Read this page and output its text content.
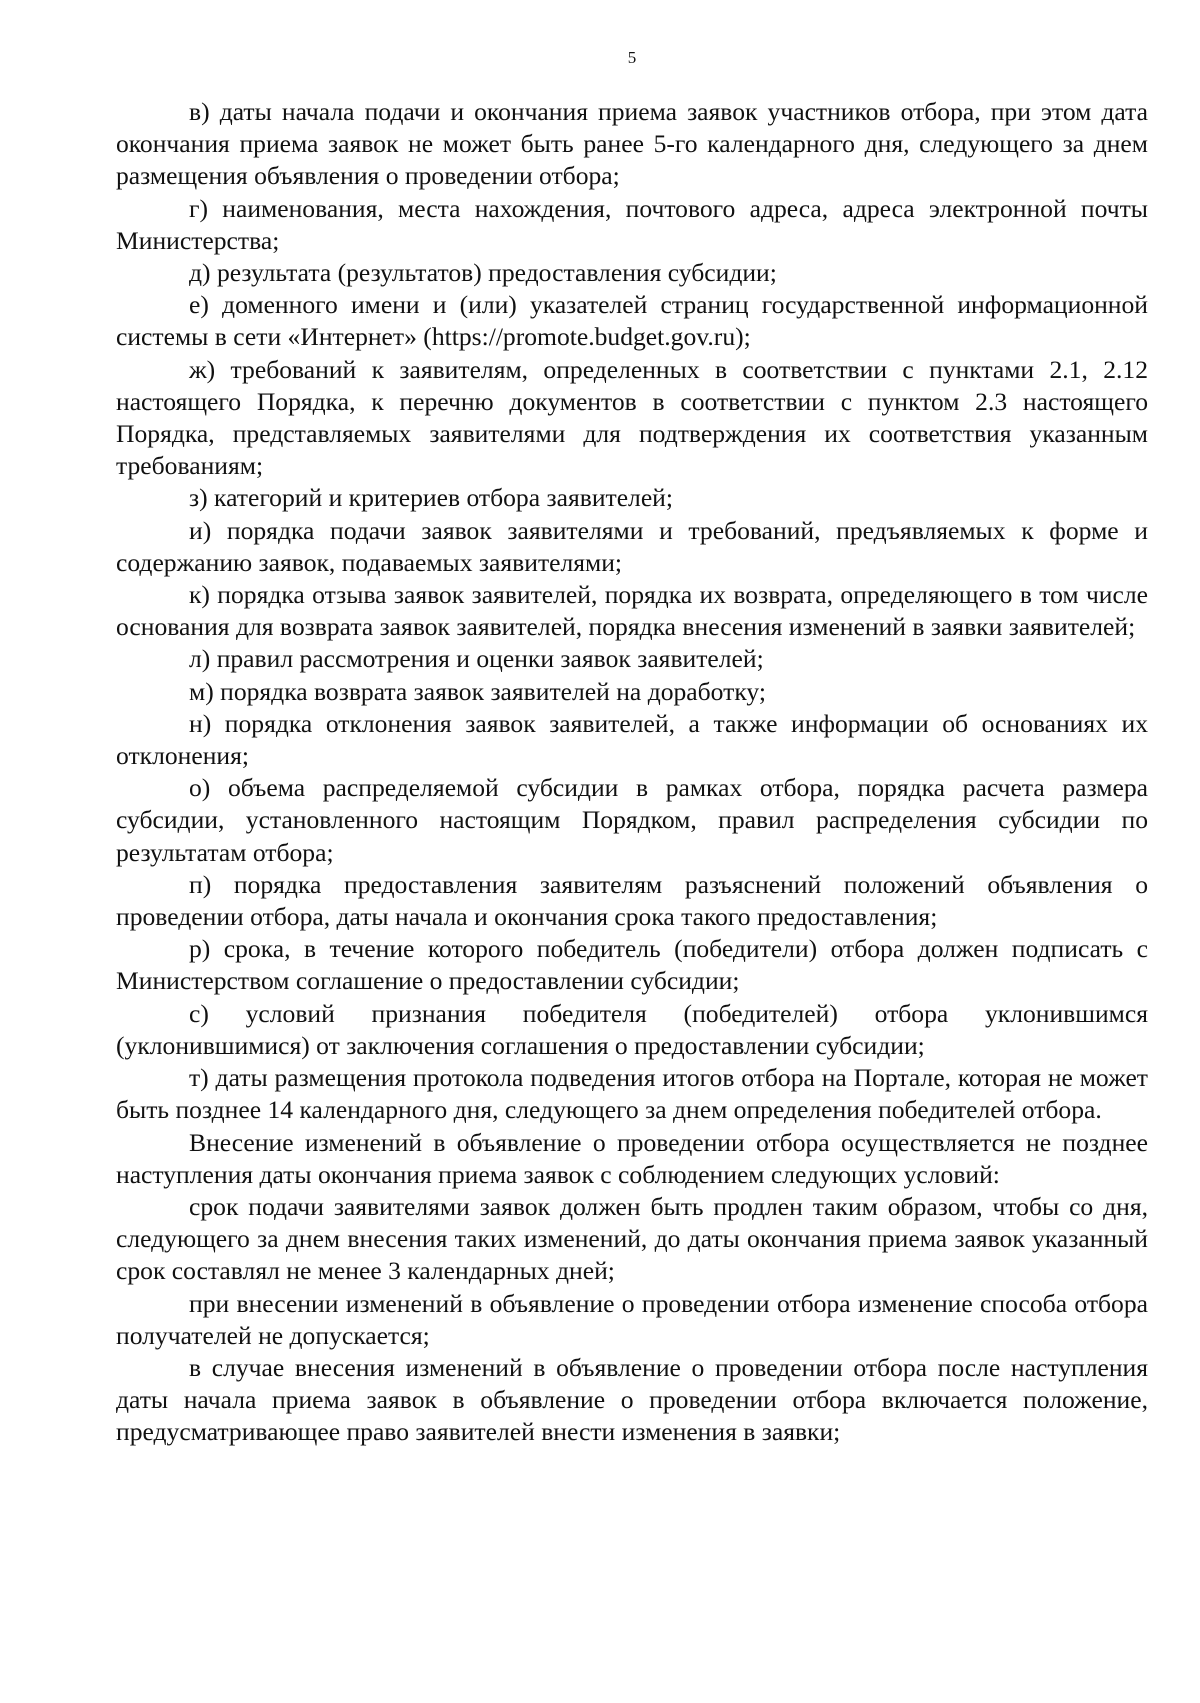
5

в) даты начала подачи и окончания приема заявок участников отбора, при этом дата окончания приема заявок не может быть ранее 5-го календарного дня, следующего за днем размещения объявления о проведении отбора;

г) наименования, места нахождения, почтового адреса, адреса электронной почты Министерства;

д) результата (результатов) предоставления субсидии;

е) доменного имени и (или) указателей страниц государственной информационной системы в сети «Интернет» (https://promote.budget.gov.ru);

ж) требований к заявителям, определенных в соответствии с пунктами 2.1, 2.12 настоящего Порядка, к перечню документов в соответствии с пунктом 2.3 настоящего Порядка, представляемых заявителями для подтверждения их соответствия указанным требованиям;

з) категорий и критериев отбора заявителей;

и) порядка подачи заявок заявителями и требований, предъявляемых к форме и содержанию заявок, подаваемых заявителями;

к) порядка отзыва заявок заявителей, порядка их возврата, определяющего в том числе основания для возврата заявок заявителей, порядка внесения изменений в заявки заявителей;

л) правил рассмотрения и оценки заявок заявителей;

м) порядка возврата заявок заявителей на доработку;

н) порядка отклонения заявок заявителей, а также информации об основаниях их отклонения;

о) объема распределяемой субсидии в рамках отбора, порядка расчета размера субсидии, установленного настоящим Порядком, правил распределения субсидии по результатам отбора;

п) порядка предоставления заявителям разъяснений положений объявления о проведении отбора, даты начала и окончания срока такого предоставления;

р) срока, в течение которого победитель (победители) отбора должен подписать с Министерством соглашение о предоставлении субсидии;

с) условий признания победителя (победителей) отбора уклонившимся (уклонившимися) от заключения соглашения о предоставлении субсидии;

т) даты размещения протокола подведения итогов отбора на Портале, которая не может быть позднее 14 календарного дня, следующего за днем определения победителей отбора.

Внесение изменений в объявление о проведении отбора осуществляется не позднее наступления даты окончания приема заявок с соблюдением следующих условий:

срок подачи заявителями заявок должен быть продлен таким образом, чтобы со дня, следующего за днем внесения таких изменений, до даты окончания приема заявок указанный срок составлял не менее 3 календарных дней;

при внесении изменений в объявление о проведении отбора изменение способа отбора получателей не допускается;

в случае внесения изменений в объявление о проведении отбора после наступления даты начала приема заявок в объявление о проведении отбора включается положение, предусматривающее право заявителей внести изменения в заявки;
